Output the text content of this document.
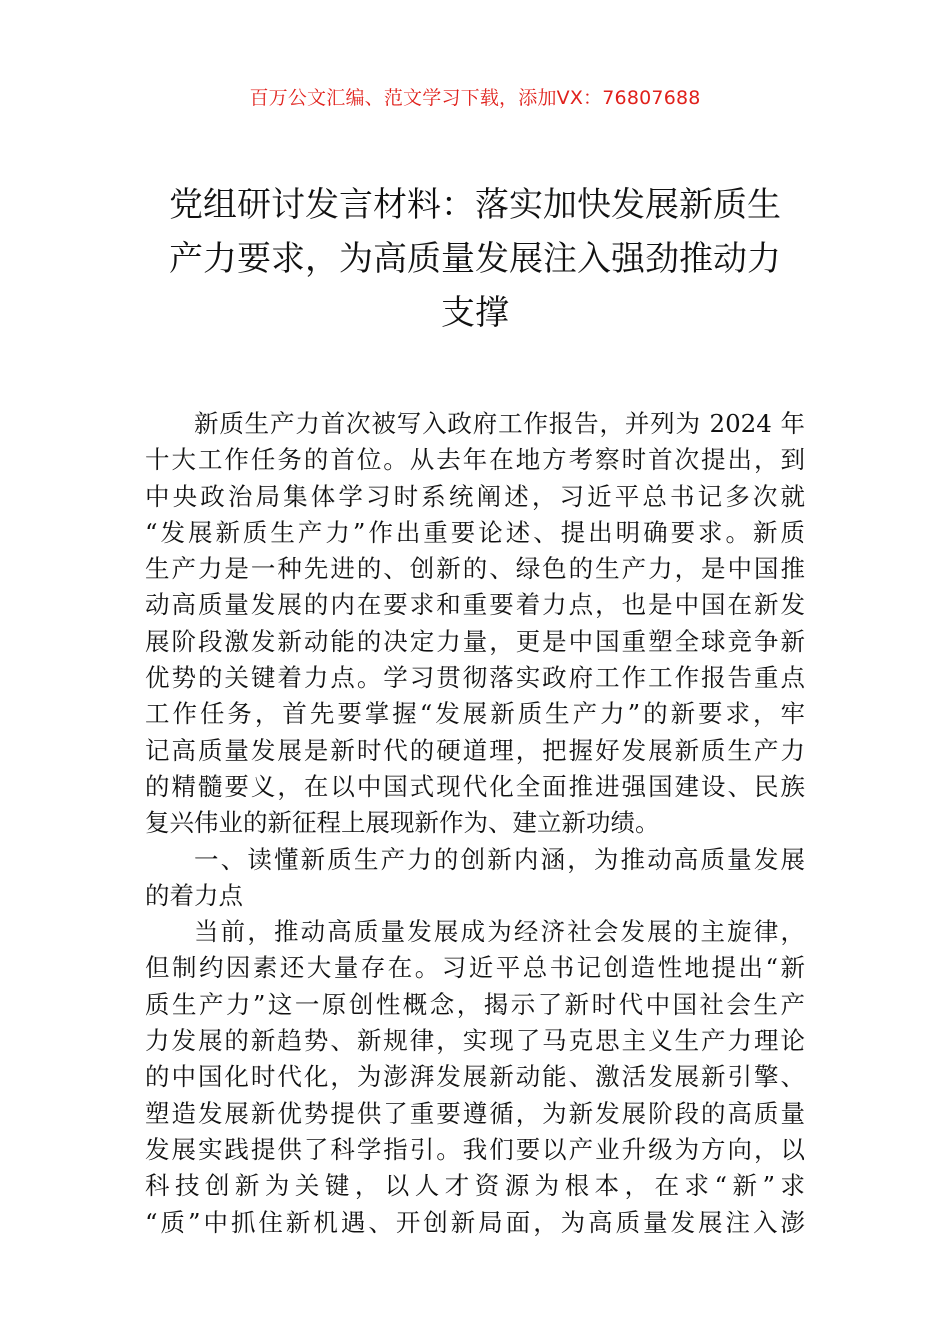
百万公文汇编、范文学习下载，添加VX：76807688
党组研讨发言材料：落实加快发展新质生
产力要求，为高质量发展注入强劲推动力
支撑
新质生产力首次被写入政府工作报告，并列为 2024 年
十大工作任务的首位。从去年在地方考察时首次提出，到
中央政治局集体学习时系统阐述，习近平总书记多次就
“发展新质生产力”作出重要论述、提出明确要求。新质
生产力是一种先进的、创新的、绿色的生产力，是中国推
动高质量发展的内在要求和重要着力点，也是中国在新发
展阶段激发新动能的决定力量，更是中国重塑全球竞争新
优势的关键着力点。学习贯彻落实政府工作工作报告重点
工作任务，首先要掌握“发展新质生产力”的新要求，牢
记高质量发展是新时代的硬道理，把握好发展新质生产力
的精髓要义，在以中国式现代化全面推进强国建设、民族
复兴伟业的新征程上展现新作为、建立新功绩。
一、读懂新质生产力的创新内涵，为推动高质量发展
的着力点
当前，推动高质量发展成为经济社会发展的主旋律，
但制约因素还大量存在。习近平总书记创造性地提出“新
质生产力”这一原创性概念，揭示了新时代中国社会生产
力发展的新趋势、新规律，实现了马克思主义生产力理论
的中国化时代化，为澎湃发展新动能、激活发展新引擎、
塑造发展新优势提供了重要遵循，为新发展阶段的高质量
发展实践提供了科学指引。我们要以产业升级为方向，以
科技创新为关键，以人才资源为根本，在求“新”求
“质”中抓住新机遇、开创新局面，为高质量发展注入澎
